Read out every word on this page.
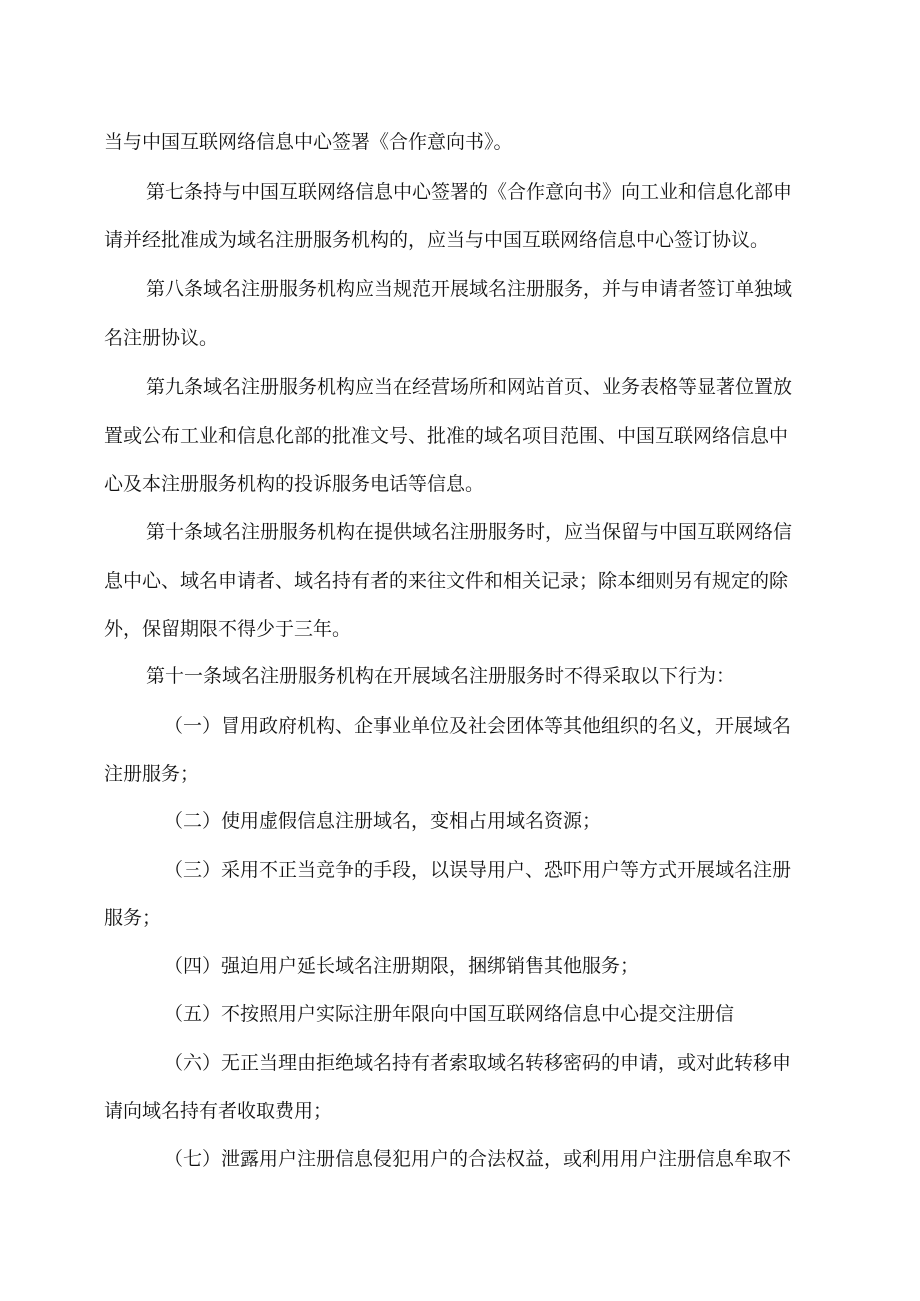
当与中国互联网络信息中心签署《合作意向书》。
第七条持与中国互联网络信息中心签署的《合作意向书》向工业和信息化部申
请并经批准成为域名注册服务机构的，应当与中国互联网络信息中心签订协议。
第八条域名注册服务机构应当规范开展域名注册服务，并与申请者签订单独域
名注册协议。
第九条域名注册服务机构应当在经营场所和网站首页、业务表格等显著位置放
置或公布工业和信息化部的批准文号、批准的域名项目范围、中国互联网络信息中
心及本注册服务机构的投诉服务电话等信息。
第十条域名注册服务机构在提供域名注册服务时，应当保留与中国互联网络信
息中心、域名申请者、域名持有者的来往文件和相关记录；除本细则另有规定的除
外，保留期限不得少于三年。
第十一条域名注册服务机构在开展域名注册服务时不得采取以下行为：
（一）冒用政府机构、企事业单位及社会团体等其他组织的名义，开展域名
注册服务；
（二）使用虚假信息注册域名，变相占用域名资源；
（三）采用不正当竞争的手段，以误导用户、恐吓用户等方式开展域名注册
服务；
（四）强迫用户延长域名注册期限，捆绑销售其他服务；
（五）不按照用户实际注册年限向中国互联网络信息中心提交注册信
（六）无正当理由拒绝域名持有者索取域名转移密码的申请，或对此转移申
请向域名持有者收取费用；
（七）泄露用户注册信息侵犯用户的合法权益，或利用用户注册信息牟取不
